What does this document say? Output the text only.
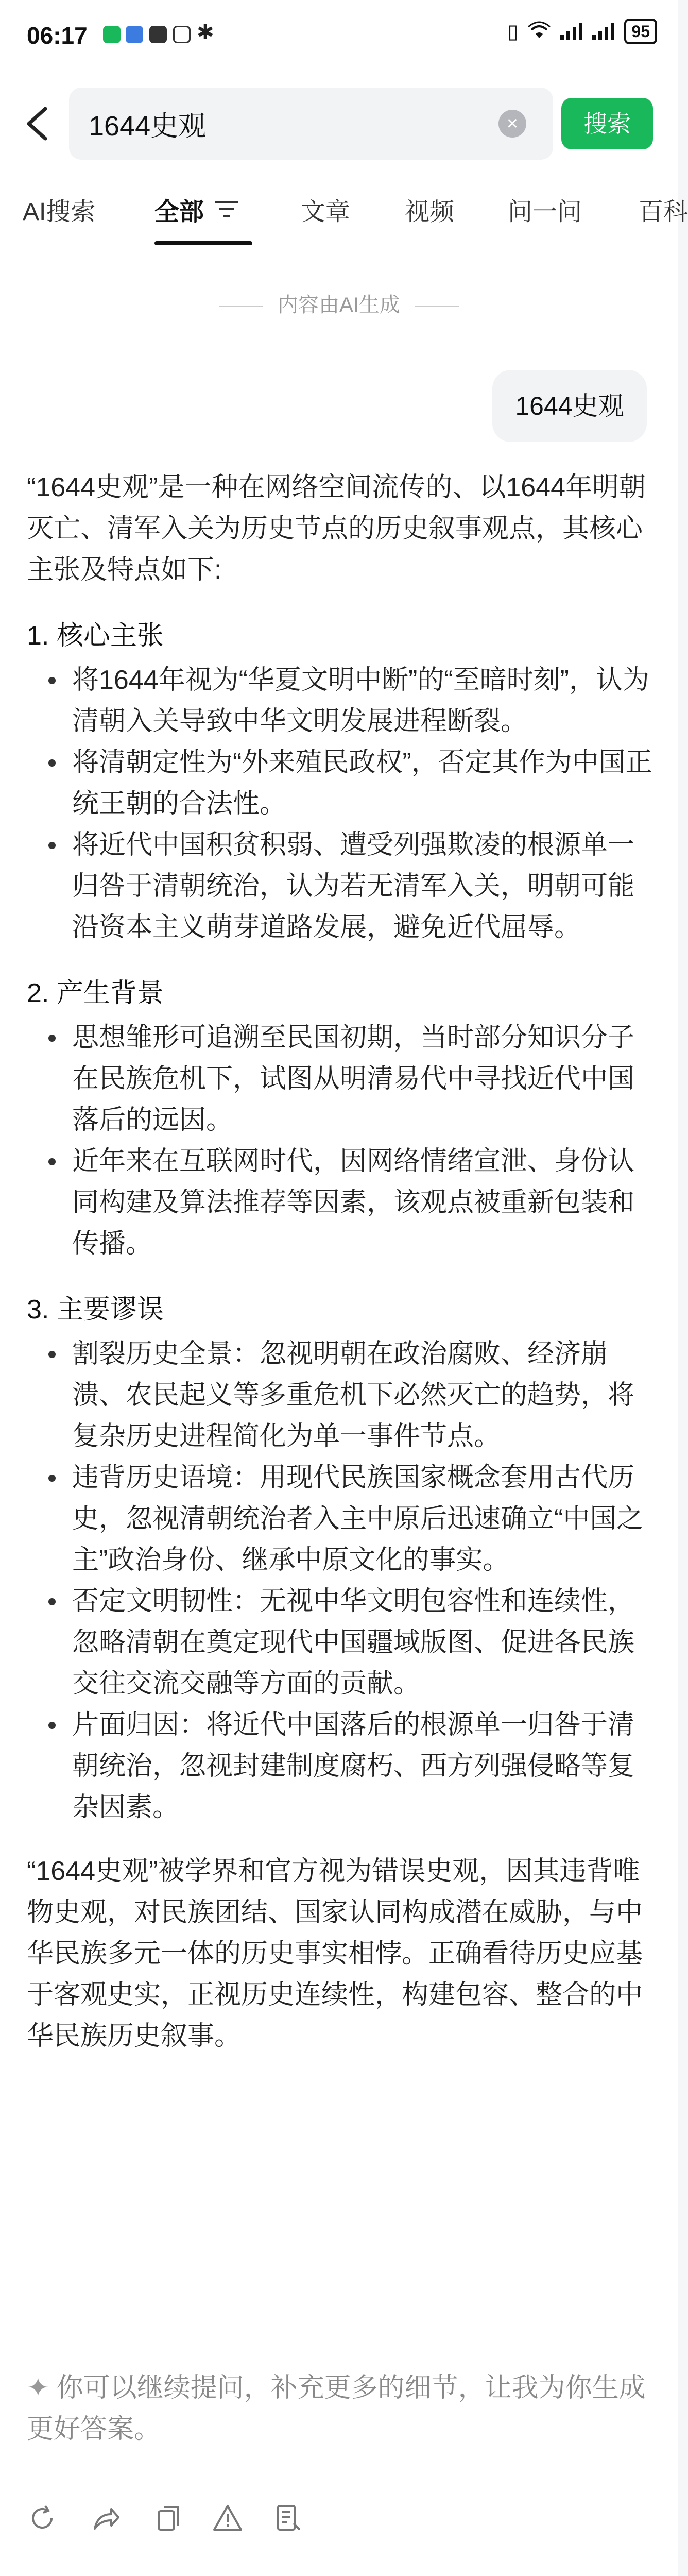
06:17	✱	▯	95
1644史观	×	搜索
AI搜索 全部	文章 视频 问一问 百科
内容由AI生成
1644史观

“1644史观”是一种在网络空间流传的、以1644年明朝灭亡、清军入关为历史节点的历史叙事观点，其核心主张及特点如下:

1. 核心主张
将1644年视为“华夏文明中断”的“至暗时刻”，认为清朝入关导致中华文明发展进程断裂。
将清朝定性为“外来殖民政权”，否定其作为中国正统王朝的合法性。
将近代中国积贫积弱、遭受列强欺凌的根源单一归咎于清朝统治，认为若无清军入关，明朝可能沿资本主义萌芽道路发展，避免近代屈辱。
2. 产生背景
思想雏形可追溯至民国初期，当时部分知识分子在民族危机下，试图从明清易代中寻找近代中国落后的远因。
近年来在互联网时代，因网络情绪宣泄、身份认同构建及算法推荐等因素，该观点被重新包装和传播。
3. 主要谬误
割裂历史全景：忽视明朝在政治腐败、经济崩溃、农民起义等多重危机下必然灭亡的趋势，将复杂历史进程简化为单一事件节点。
违背历史语境：用现代民族国家概念套用古代历史，忽视清朝统治者入主中原后迅速确立“中国之主”政治身份、继承中原文化的事实。
否定文明韧性：无视中华文明包容性和连续性，忽略清朝在奠定现代中国疆域版图、促进各民族交往交流交融等方面的贡献。
片面归因：将近代中国落后的根源单一归咎于清朝统治，忽视封建制度腐朽、西方列强侵略等复杂因素。

“1644史观”被学界和官方视为错误史观，因其违背唯物史观，对民族团结、国家认同构成潜在威胁，与中华民族多元一体的历史事实相悖。正确看待历史应基于客观史实，正视历史连续性，构建包容、整合的中华民族历史叙事。

✦ 你可以继续提问，补充更多的细节，让我为你生成更好答案。
